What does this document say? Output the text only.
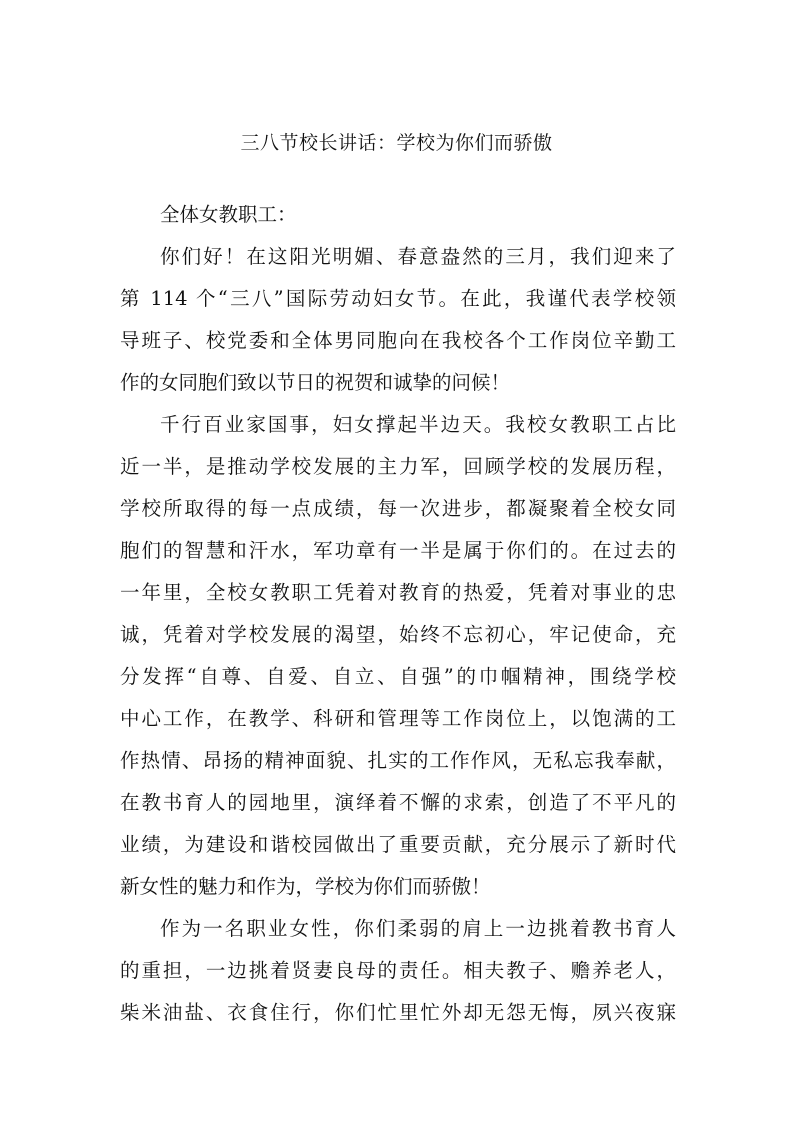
三八节校长讲话：学校为你们而骄傲
全体女教职工：
你们好！在这阳光明媚、春意盎然的三月，我们迎来了
第 114 个“三八”国际劳动妇女节。在此，我谨代表学校领
导班子、校党委和全体男同胞向在我校各个工作岗位辛勤工
作的女同胞们致以节日的祝贺和诚挚的问候！
千行百业家国事，妇女撑起半边天。我校女教职工占比
近一半，是推动学校发展的主力军，回顾学校的发展历程，
学校所取得的每一点成绩，每一次进步，都凝聚着全校女同
胞们的智慧和汗水，军功章有一半是属于你们的。在过去的
一年里，全校女教职工凭着对教育的热爱，凭着对事业的忠
诚，凭着对学校发展的渴望，始终不忘初心，牢记使命，充
分发挥“自尊、自爱、自立、自强”的巾帼精神，围绕学校
中心工作，在教学、科研和管理等工作岗位上，以饱满的工
作热情、昂扬的精神面貌、扎实的工作作风，无私忘我奉献，
在教书育人的园地里，演绎着不懈的求索，创造了不平凡的
业绩，为建设和谐校园做出了重要贡献，充分展示了新时代
新女性的魅力和作为，学校为你们而骄傲！
作为一名职业女性，你们柔弱的肩上一边挑着教书育人
的重担，一边挑着贤妻良母的责任。相夫教子、赡养老人，
柴米油盐、衣食住行，你们忙里忙外却无怨无悔，夙兴夜寐
